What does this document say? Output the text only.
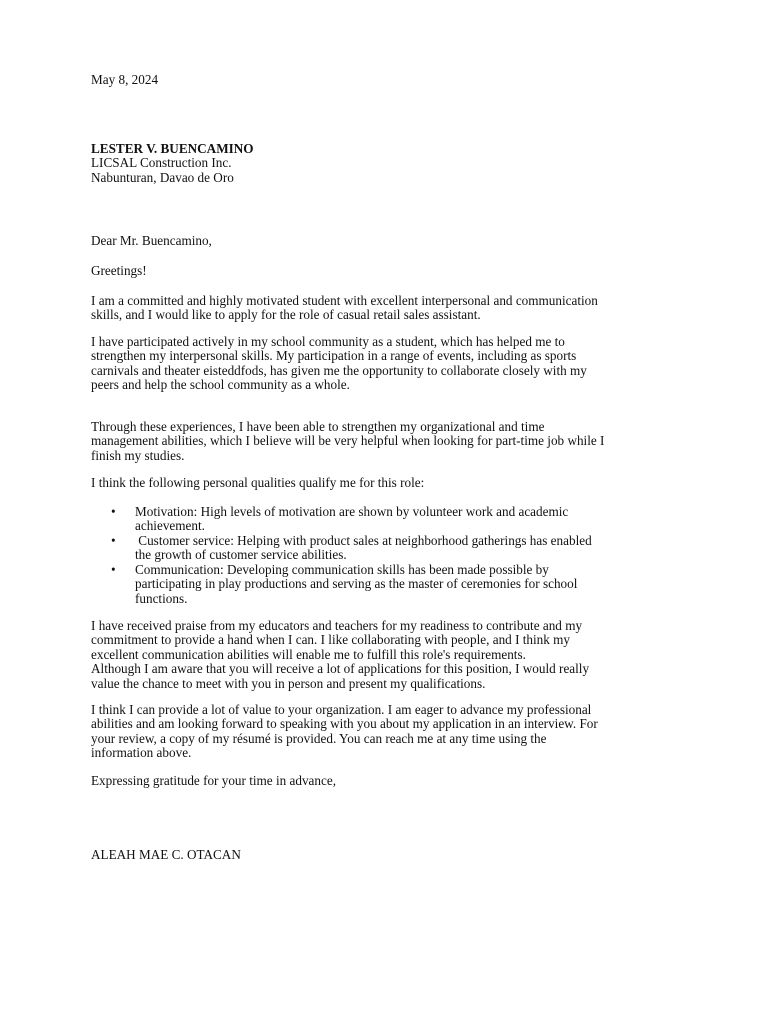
May 8, 2024
LESTER V. BUENCAMINO
LICSAL Construction Inc.
Nabunturan, Davao de Oro
Dear Mr. Buencamino,
Greetings!
I am a committed and highly motivated student with excellent interpersonal and communication
skills, and I would like to apply for the role of casual retail sales assistant.
I have participated actively in my school community as a student, which has helped me to
strengthen my interpersonal skills. My participation in a range of events, including as sports
carnivals and theater eisteddfods, has given me the opportunity to collaborate closely with my
peers and help the school community as a whole.
Through these experiences, I have been able to strengthen my organizational and time
management abilities, which I believe will be very helpful when looking for part-time job while I
finish my studies.
I think the following personal qualities qualify me for this role:
•	Motivation: High levels of motivation are shown by volunteer work and academic
achievement.
•	Customer service: Helping with product sales at neighborhood gatherings has enabled
the growth of customer service abilities.
•	Communication: Developing communication skills has been made possible by
participating in play productions and serving as the master of ceremonies for school
functions.
I have received praise from my educators and teachers for my readiness to contribute and my
commitment to provide a hand when I can. I like collaborating with people, and I think my
excellent communication abilities will enable me to fulfill this role's requirements.
Although I am aware that you will receive a lot of applications for this position, I would really
value the chance to meet with you in person and present my qualifications.
I think I can provide a lot of value to your organization. I am eager to advance my professional
abilities and am looking forward to speaking with you about my application in an interview. For
your review, a copy of my résumé is provided. You can reach me at any time using the
information above.
Expressing gratitude for your time in advance,
ALEAH MAE C. OTACAN
